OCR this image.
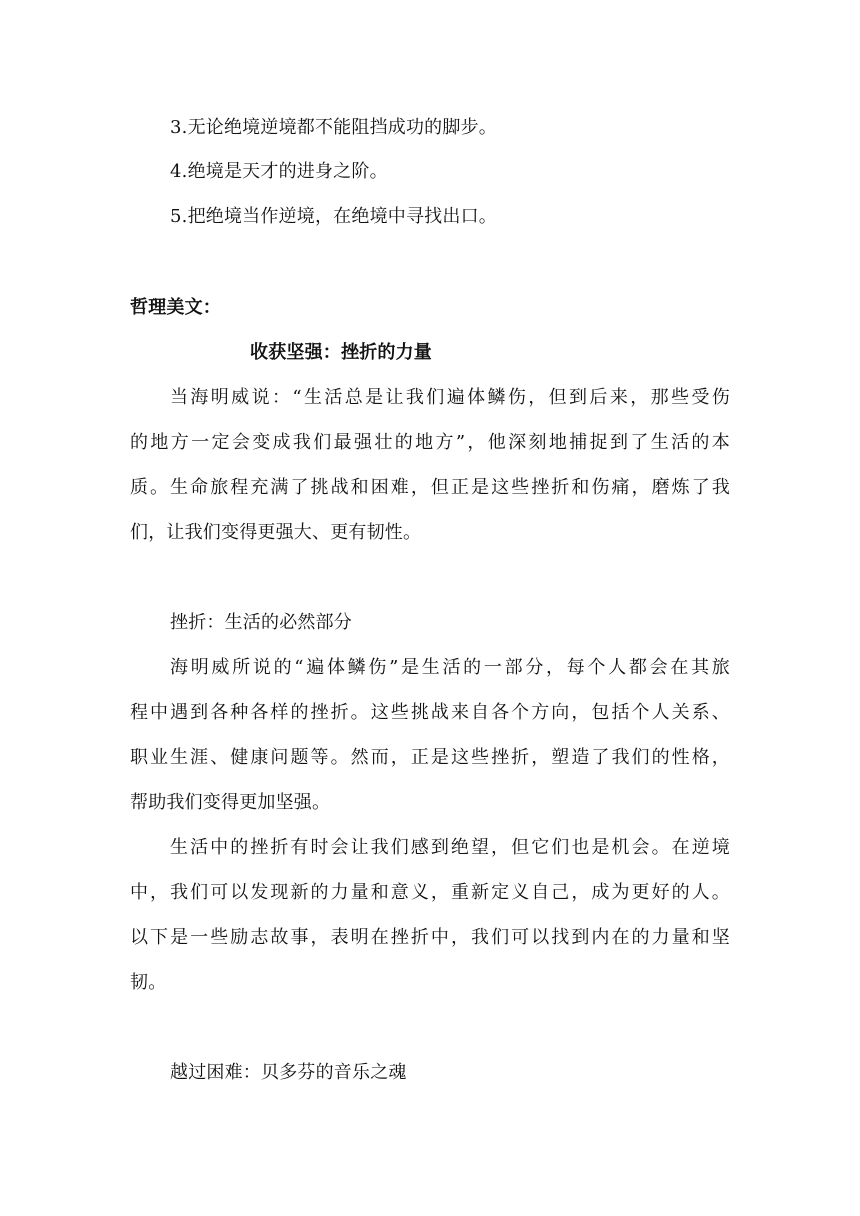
3.无论绝境逆境都不能阻挡成功的脚步。
4.绝境是天才的进身之阶。
5.把绝境当作逆境，在绝境中寻找出口。
哲理美文：
收获坚强：挫折的力量
当海明威说：“生活总是让我们遍体鳞伤，但到后来，那些受伤
的地方一定会变成我们最强壮的地方”，他深刻地捕捉到了生活的本
质。生命旅程充满了挑战和困难，但正是这些挫折和伤痛，磨炼了我
们，让我们变得更强大、更有韧性。
挫折：生活的必然部分
海明威所说的“遍体鳞伤”是生活的一部分，每个人都会在其旅
程中遇到各种各样的挫折。这些挑战来自各个方向，包括个人关系、
职业生涯、健康问题等。然而，正是这些挫折，塑造了我们的性格，
帮助我们变得更加坚强。
生活中的挫折有时会让我们感到绝望，但它们也是机会。在逆境
中，我们可以发现新的力量和意义，重新定义自己，成为更好的人。
以下是一些励志故事，表明在挫折中，我们可以找到内在的力量和坚
韧。
越过困难：贝多芬的音乐之魂
